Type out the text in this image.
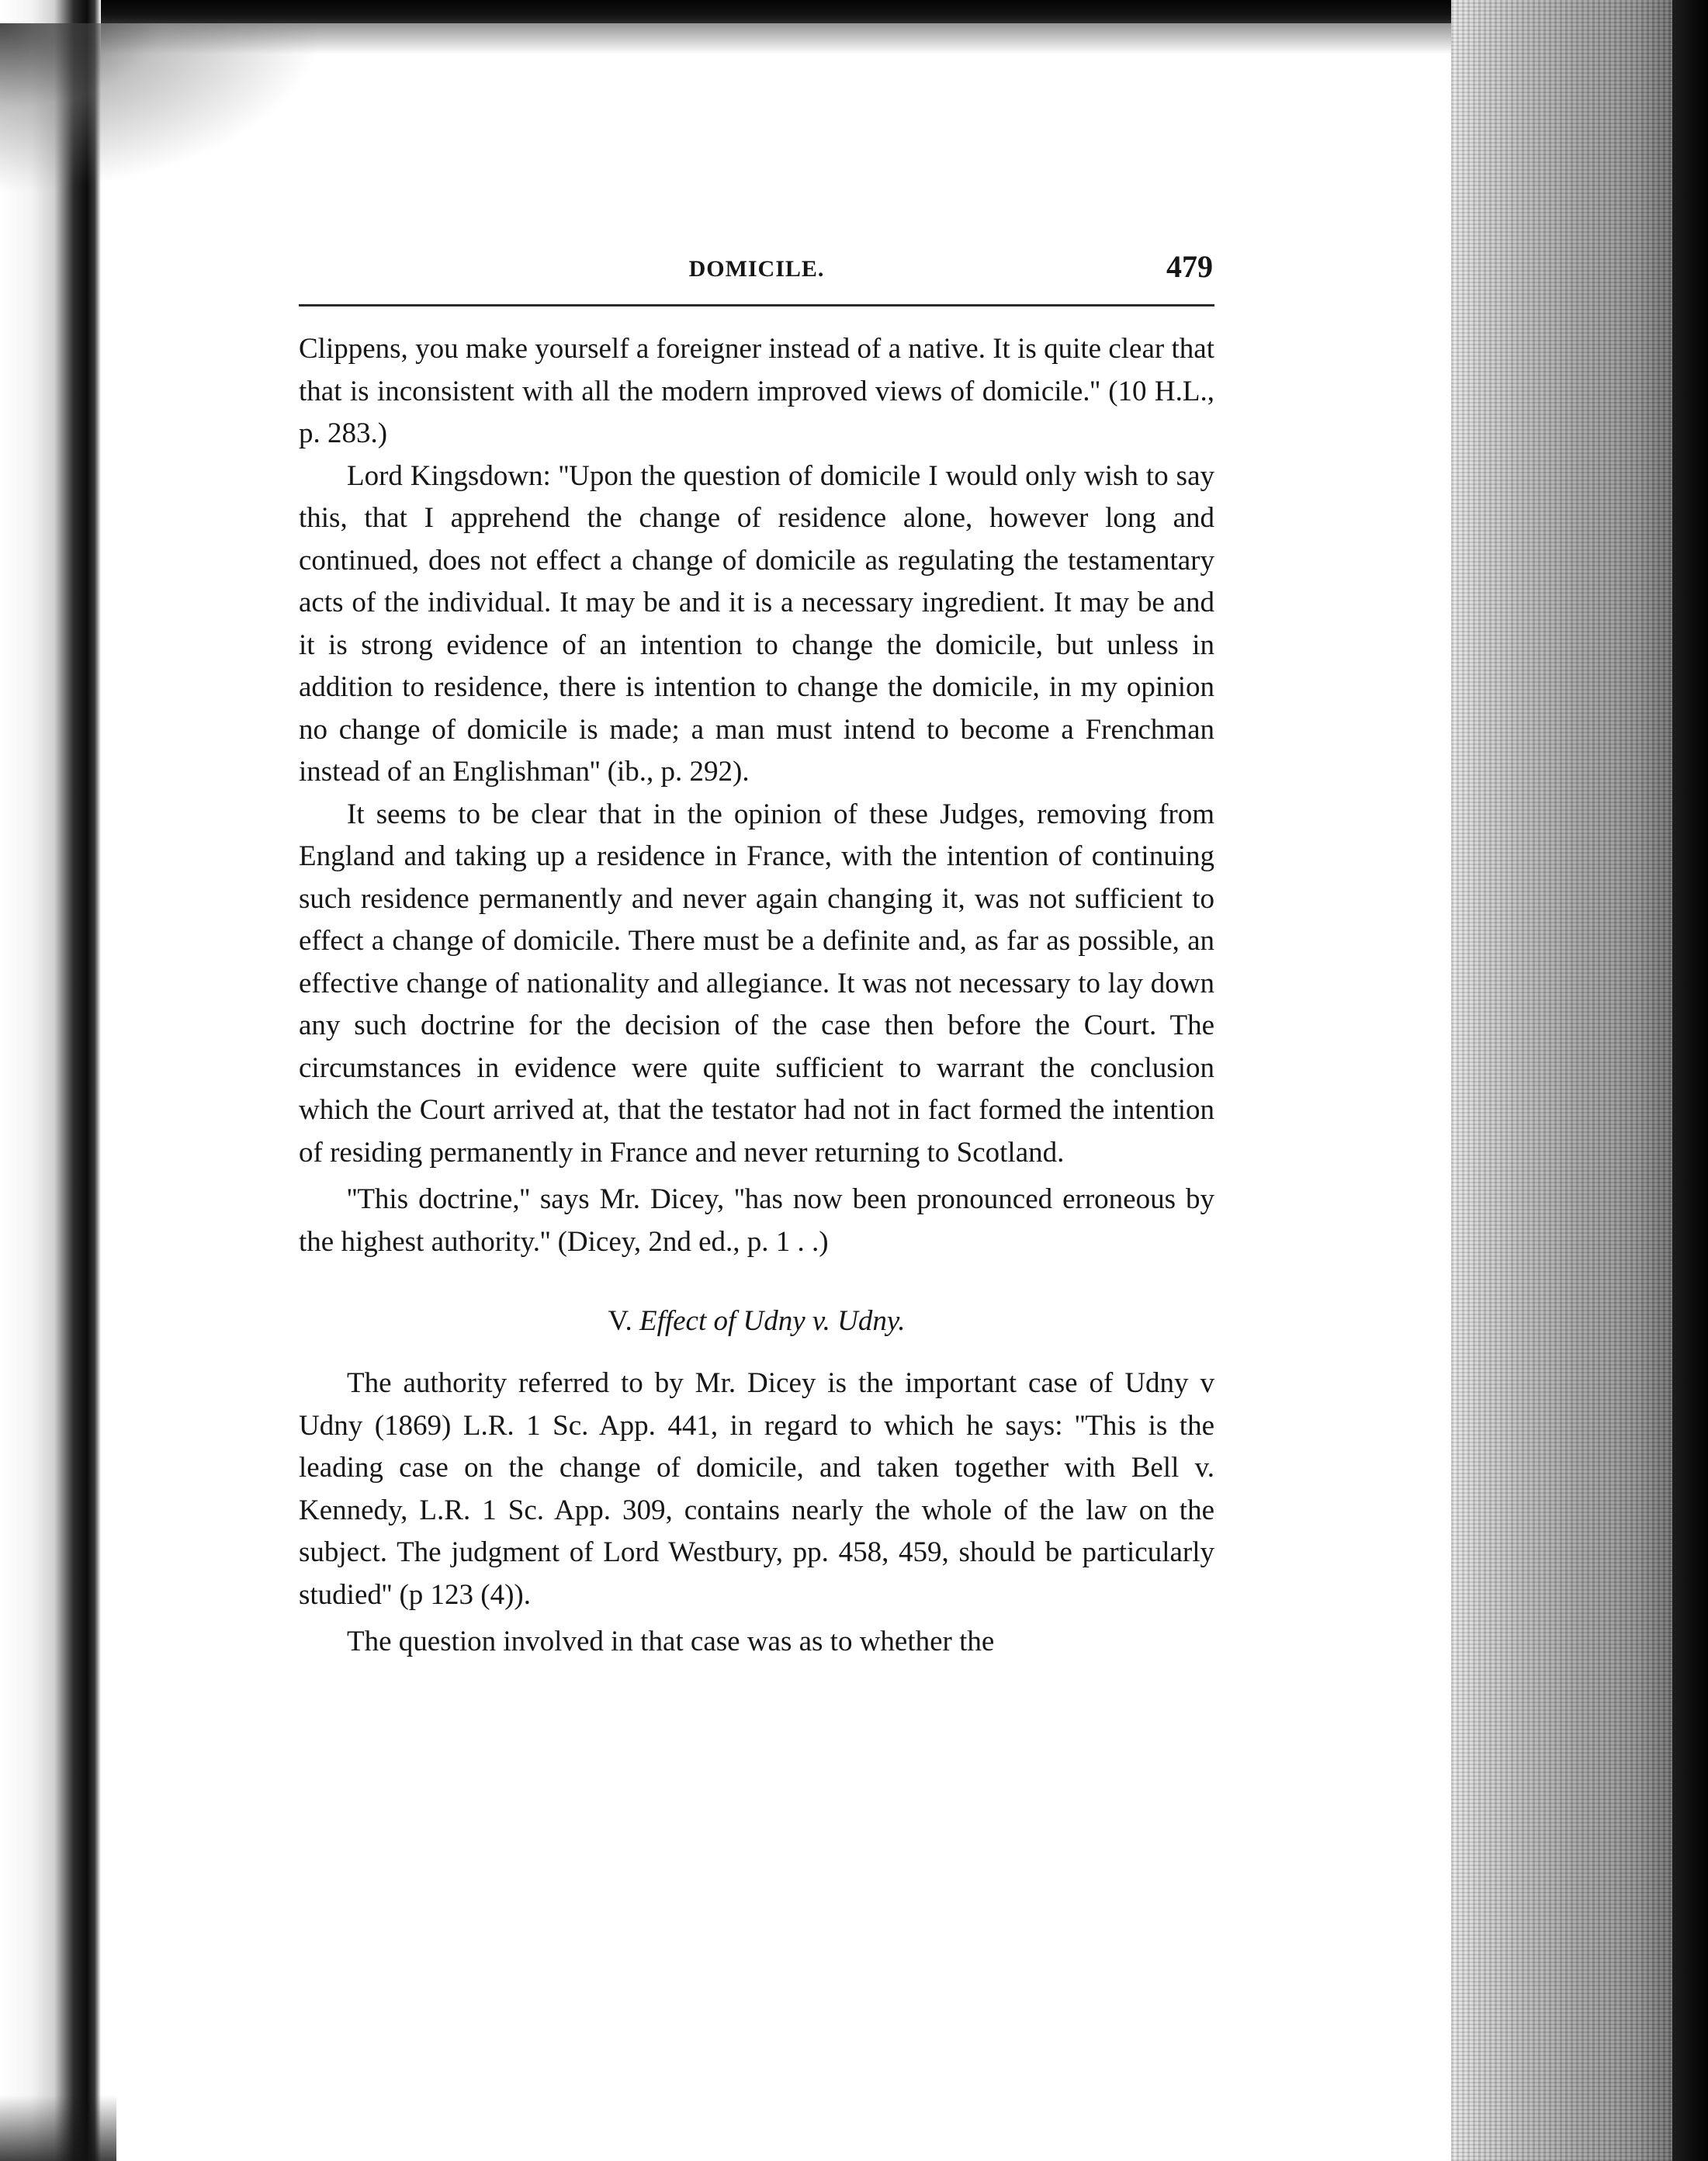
DOMICILE.	479

Clippens, you make yourself a foreigner instead of a native. It is quite clear that that is inconsistent with all the modern improved views of domicile.'' (10 H.L., p. 283.)

Lord Kingsdown: ''Upon the question of domicile I would only wish to say this, that I apprehend the change of residence alone, however long and continued, does not effect a change of domicile as regulating the testamentary acts of the individual. It may be and it is a necessary ingredient. It may be and it is strong evidence of an intention to change the domicile, but unless in addition to residence, there is intention to change the domicile, in my opinion no change of domicile is made; a man must intend to become a Frenchman instead of an Englishman'' (ib., p. 292).

It seems to be clear that in the opinion of these Judges, removing from England and taking up a residence in France, with the intention of continuing such residence permanently and never again changing it, was not sufficient to effect a change of domicile. There must be a definite and, as far as possible, an effective change of nationality and allegiance. It was not necessary to lay down any such doctrine for the decision of the case then before the Court. The circumstances in evidence were quite sufficient to warrant the conclusion which the Court arrived at, that the testator had not in fact formed the intention of residing permanently in France and never returning to Scotland.

''This doctrine,'' says Mr. Dicey, ''has now been pronounced erroneous by the highest authority.'' (Dicey, 2nd ed., p. 1 . .)

V. Effect of Udny v. Udny.

The authority referred to by Mr. Dicey is the important case of Udny v Udny (1869) L.R. 1 Sc. App. 441, in regard to which he says: ''This is the leading case on the change of domicile, and taken together with Bell v. Kennedy, L.R. 1 Sc. App. 309, contains nearly the whole of the law on the subject. The judgment of Lord Westbury, pp. 458, 459, should be particularly studied'' (p 123 (4)).

The question involved in that case was as to whether the
